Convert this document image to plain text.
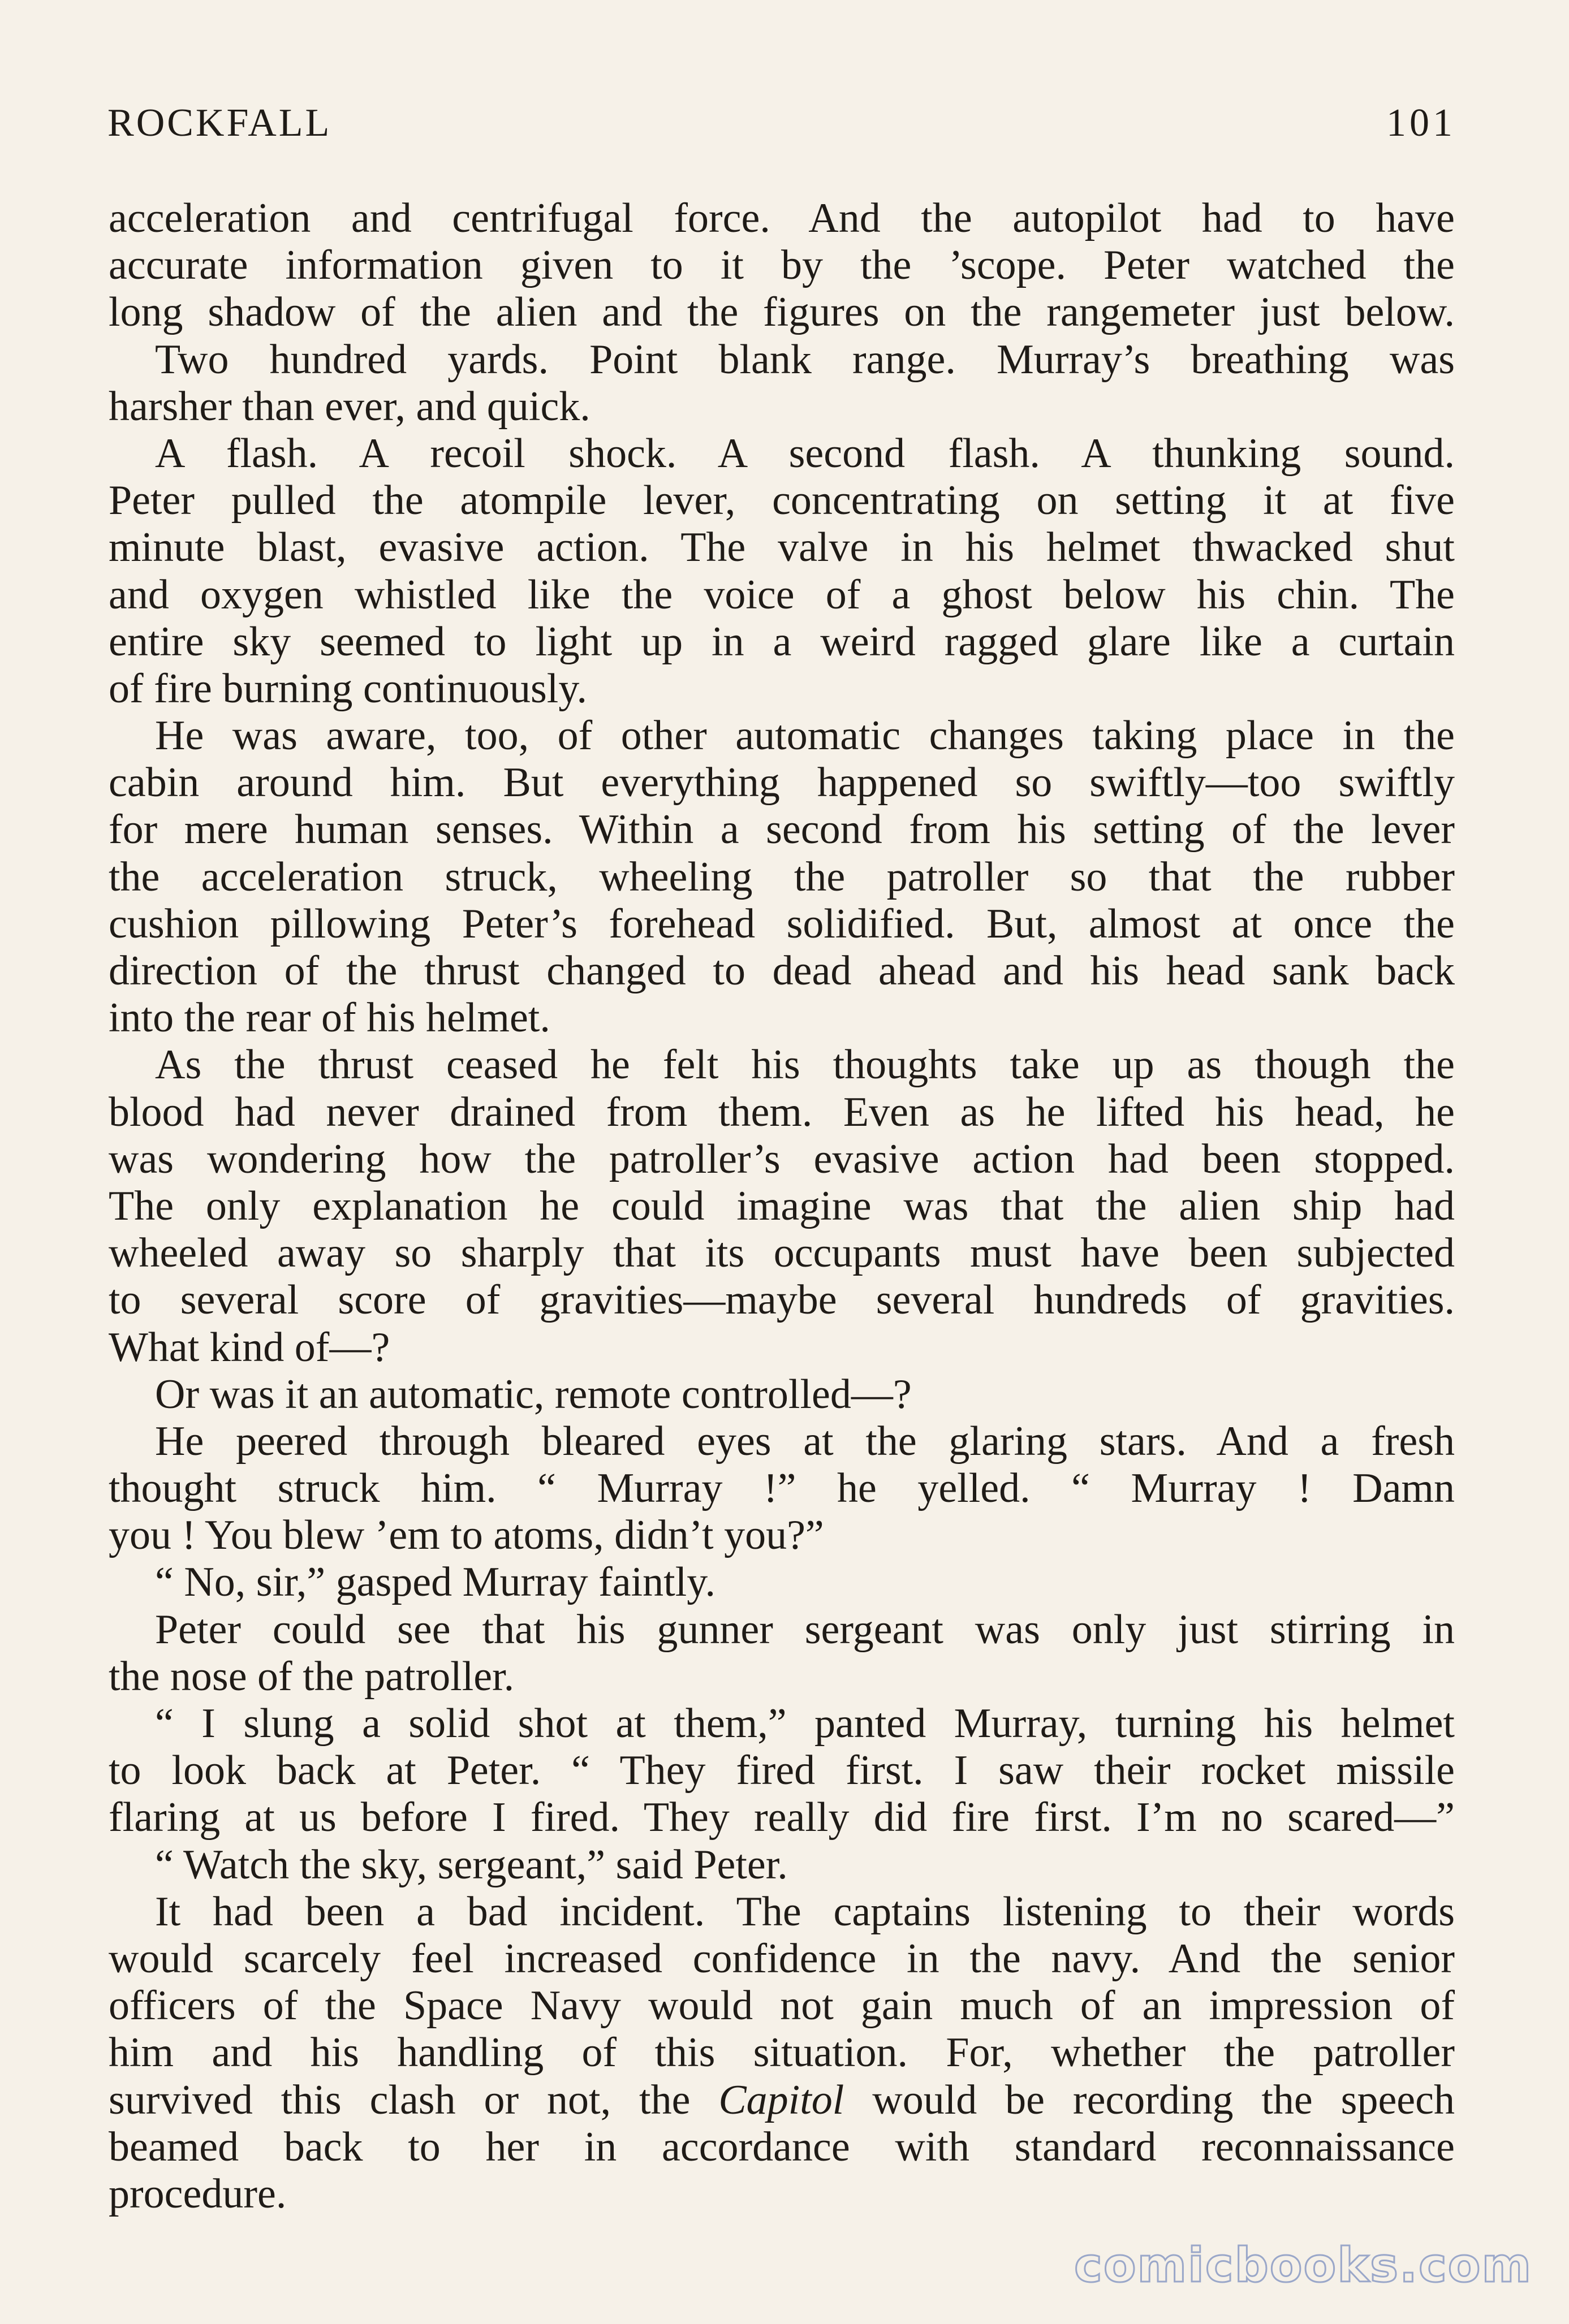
ROCKFALL	101
acceleration and centrifugal force. And the autopilot had to have
accurate information given to it by the ’scope. Peter watched the
long shadow of the alien and the figures on the rangemeter just below.
Two hundred yards. Point blank range. Murray’s breathing was
harsher than ever, and quick.
A flash. A recoil shock. A second flash. A thunking sound.
Peter pulled the atompile lever, concentrating on setting it at five
minute blast, evasive action. The valve in his helmet thwacked shut
and oxygen whistled like the voice of a ghost below his chin. The
entire sky seemed to light up in a weird ragged glare like a curtain
of fire burning continuously.
He was aware, too, of other automatic changes taking place in the
cabin around him. But everything happened so swiftly—too swiftly
for mere human senses. Within a second from his setting of the lever
the acceleration struck, wheeling the patroller so that the rubber
cushion pillowing Peter’s forehead solidified. But, almost at once the
direction of the thrust changed to dead ahead and his head sank back
into the rear of his helmet.
As the thrust ceased he felt his thoughts take up as though the
blood had never drained from them. Even as he lifted his head, he
was wondering how the patroller’s evasive action had been stopped.
The only explanation he could imagine was that the alien ship had
wheeled away so sharply that its occupants must have been subjected
to several score of gravities—maybe several hundreds of gravities.
What kind of—?
Or was it an automatic, remote controlled—?
He peered through bleared eyes at the glaring stars. And a fresh
thought struck him. “ Murray !” he yelled. “ Murray ! Damn
you ! You blew ’em to atoms, didn’t you?”
“ No, sir,” gasped Murray faintly.
Peter could see that his gunner sergeant was only just stirring in
the nose of the patroller.
“ I slung a solid shot at them,” panted Murray, turning his helmet
to look back at Peter. “ They fired first. I saw their rocket missile
flaring at us before I fired. They really did fire first. I’m no scared—”
“ Watch the sky, sergeant,” said Peter.
It had been a bad incident. The captains listening to their words
would scarcely feel increased confidence in the navy. And the senior
officers of the Space Navy would not gain much of an impression of
him and his handling of this situation. For, whether the patroller
survived this clash or not, the Capitol would be recording the speech
beamed back to her in accordance with standard reconnaissance
procedure.
comicbooks.com
